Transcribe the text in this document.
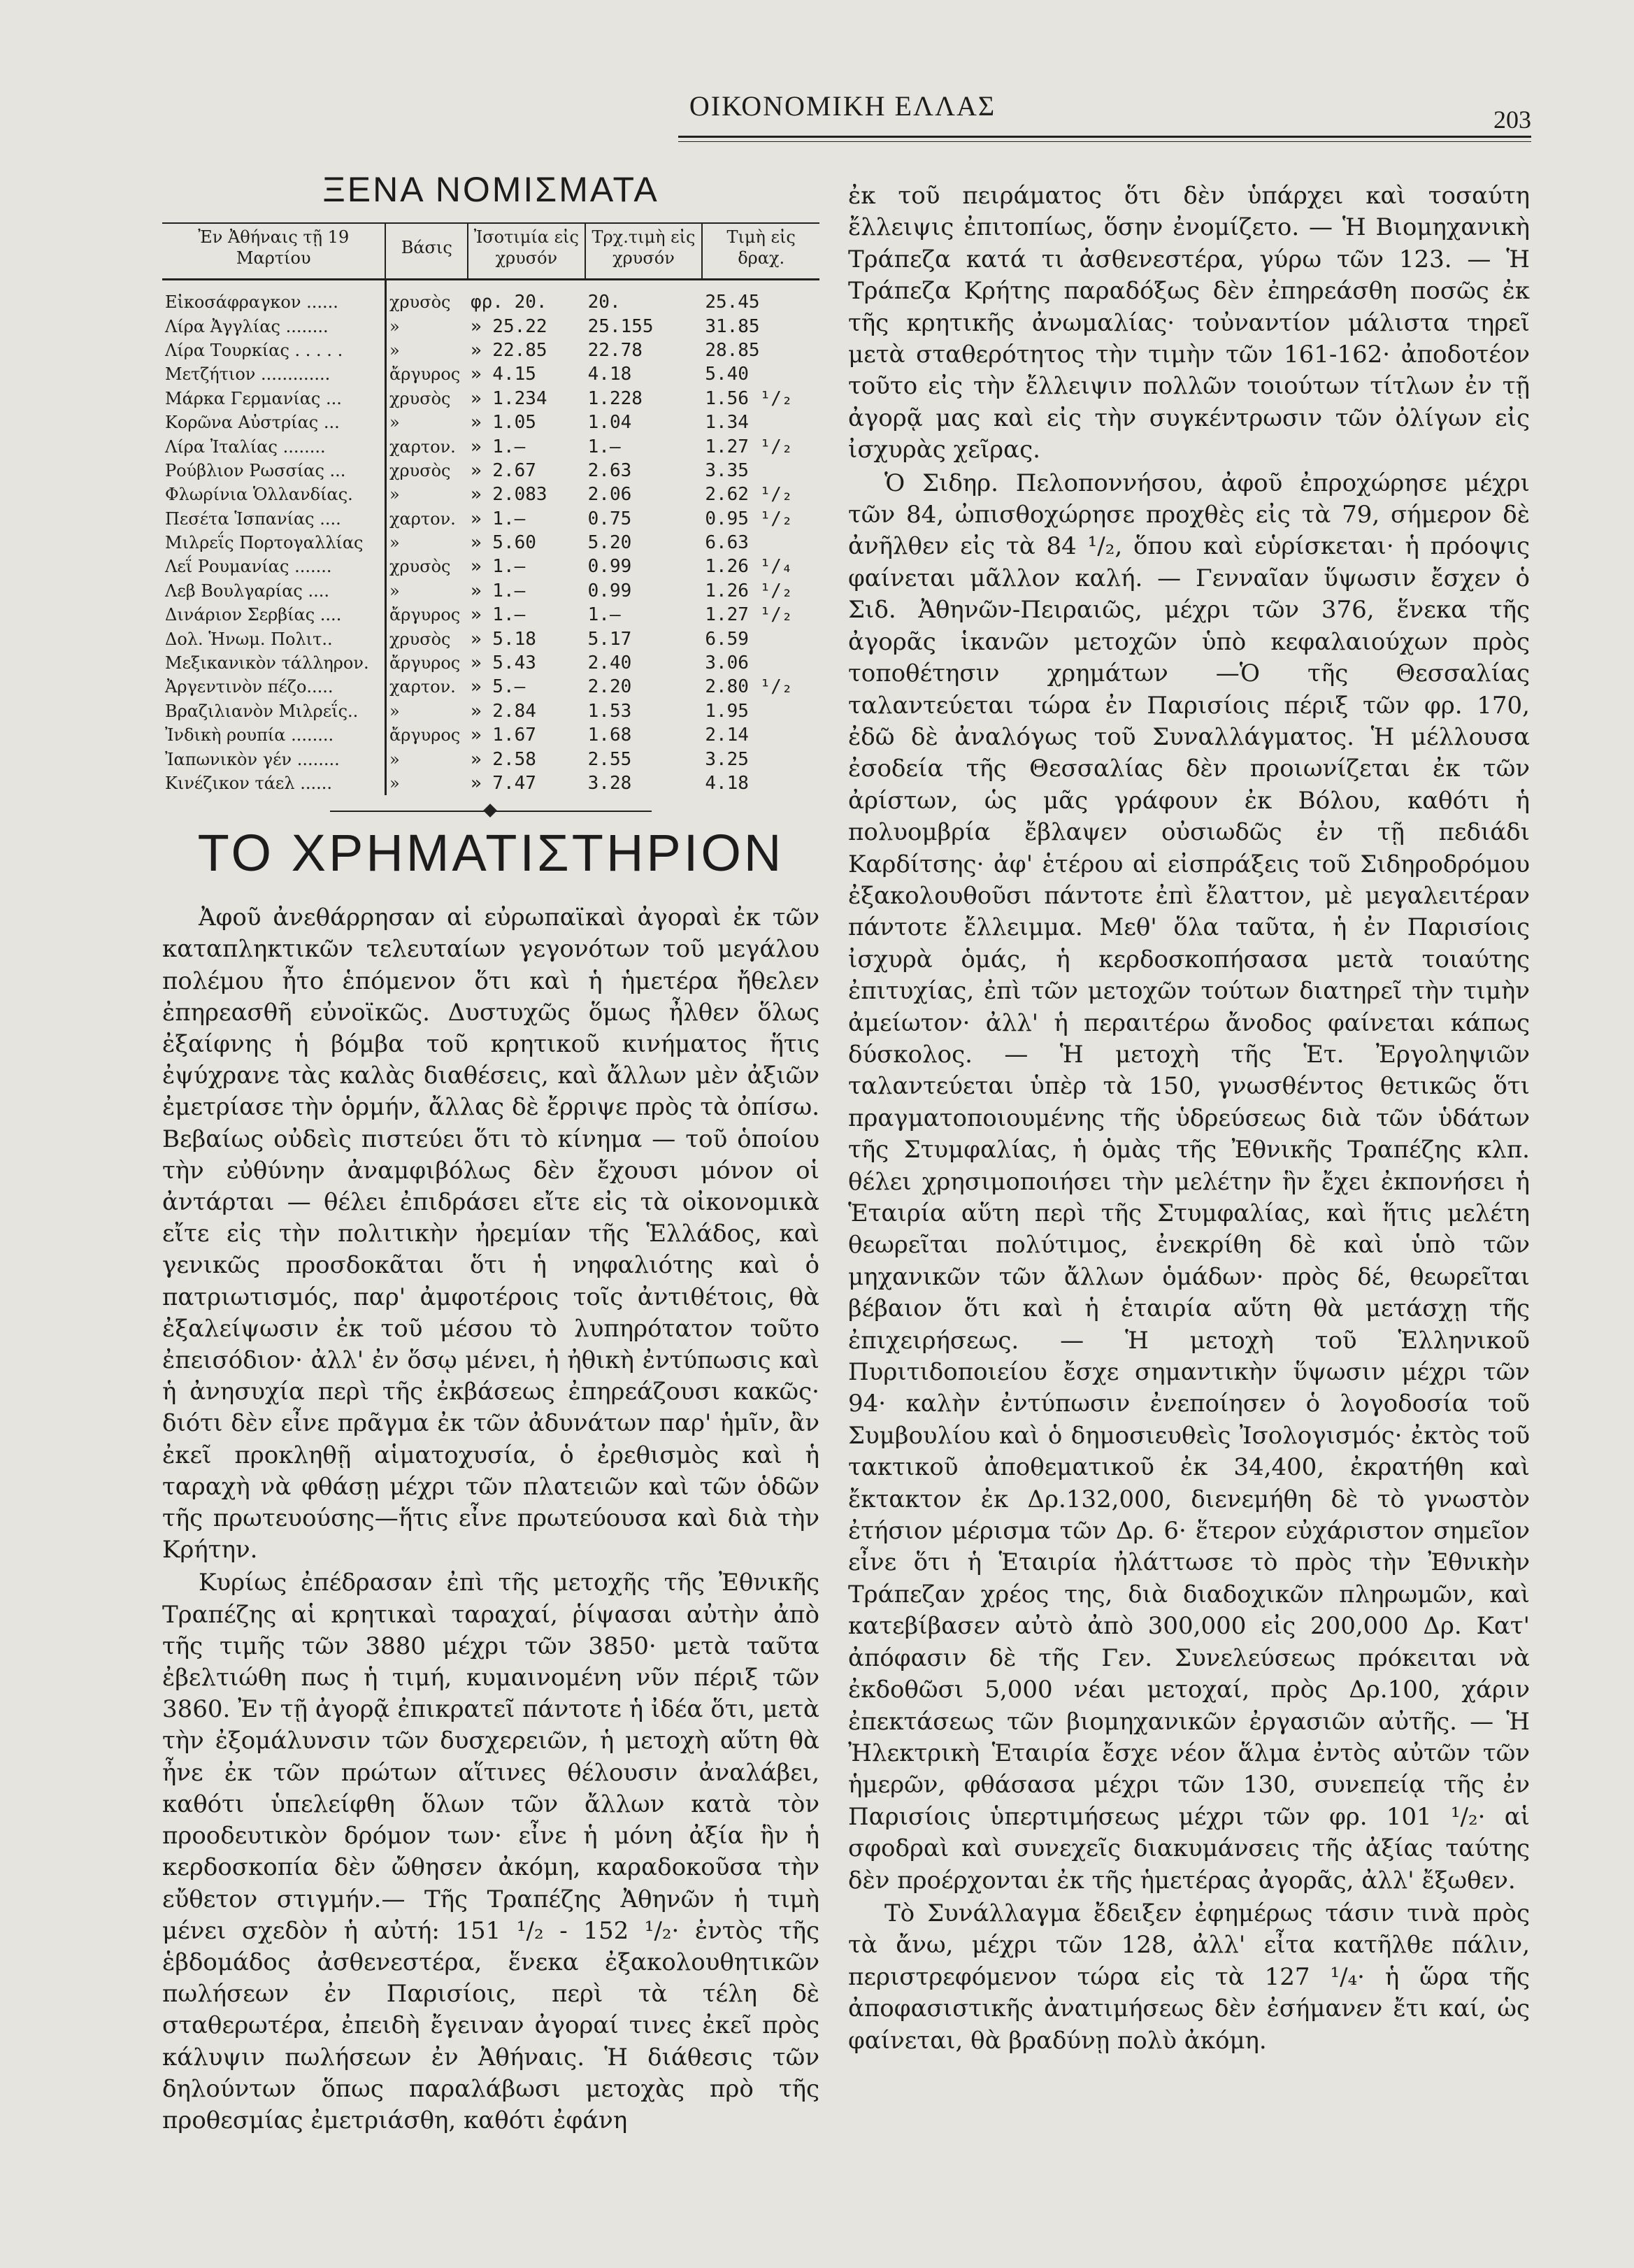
ΟΙΚΟΝΟΜΙΚΗ ΕΛΛΑΣ	203
ΞΕΝΑ ΝΟΜΙΣΜΑΤΑ
Ἐν Ἀθήναις τῇ 19 Μαρτίου	Βάσις	Ἰσοτιμία εἰς χρυσόν	Τρχ.τιμὴ εἰς χρυσόν	Τιμὴ εἰς δραχ.
Εἰκοσάφραγκον ......	χρυσὸς	φρ. 20.	20.	25.45
Λίρα Ἀγγλίας ........	»	» 25.22	25.155	31.85
Λίρα Τουρκίας . . . . .	»	» 22.85	22.78	28.85
Μετζήτιον .............	ἄργυρος	» 4.15	4.18	5.40
Μάρκα Γερμανίας ...	χρυσὸς	» 1.234	1.228	1.56 ¹/₂
Κορῶνα Αὐστρίας ...	»	» 1.05	1.04	1.34
Λίρα Ἰταλίας ........	χαρτον.	» 1.—	1.—	1.27 ¹/₂
Ρούβλιον Ρωσσίας ...	χρυσὸς	» 2.67	2.63	3.35
Φλωρίνια Ὁλλανδίας.	»	» 2.083	2.06	2.62 ¹/₂
Πεσέτα Ἱσπανίας ....	χαρτον.	» 1.—	0.75	0.95 ¹/₂
Μιλρεΐς Πορτογαλλίας	»	» 5.60	5.20	6.63
Λεΐ Ρουμανίας .......	χρυσὸς	» 1.—	0.99	1.26 ¹/₄
Λεβ Βουλγαρίας ....	»	» 1.—	0.99	1.26 ¹/₂
Δινάριον Σερβίας ....	ἄργυρος	» 1.—	1.—	1.27 ¹/₂
Δολ. Ἡνωμ. Πολιτ..	χρυσὸς	» 5.18	5.17	6.59
Μεξικανικὸν τάλληρον.	ἄργυρος	» 5.43	2.40	3.06
Ἀργεντινὸν πέζο.....	χαρτον.	» 5.—	2.20	2.80 ¹/₂
Βραζιλιανὸν Μιλρεΐς..	»	» 2.84	1.53	1.95
Ἰνδικὴ ρουπία ........	ἄργυρος	» 1.67	1.68	2.14
Ἰαπωνικὸν γέν ........	»	» 2.58	2.55	3.25
Κινέζικον τάελ ......	»	» 7.47	3.28	4.18
ΤΟ ΧΡΗΜΑΤΙΣΤΗΡΙΟΝ

Ἀφοῦ ἀνεθάρρησαν αἱ εὐρωπαϊκαὶ ἀγοραὶ ἐκ τῶν καταπληκτικῶν τελευταίων γεγονότων τοῦ μεγάλου πολέμου ἦτο ἑπόμενον ὅτι καὶ ἡ ἡμετέρα ἤθελεν ἐπηρεασθῆ εὐνοϊκῶς. Δυστυχῶς ὅμως ἦλθεν ὅλως ἐξαίφνης ἡ βόμβα τοῦ κρητικοῦ κινήματος ἥτις ἐψύχρανε τὰς καλὰς διαθέσεις, καὶ ἄλλων μὲν ἀξιῶν ἐμετρίασε τὴν ὁρμήν, ἄλλας δὲ ἔρριψε πρὸς τὰ ὀπίσω. Βεβαίως οὐδεὶς πιστεύει ὅτι τὸ κίνημα — τοῦ ὁποίου τὴν εὐθύνην ἀναμφιβόλως δὲν ἔχουσι μόνον οἱ ἀντάρται — θέλει ἐπιδράσει εἴτε εἰς τὰ οἰκονομικὰ εἴτε εἰς τὴν πολιτικὴν ἠρεμίαν τῆς Ἑλλάδος, καὶ γενικῶς προσδοκᾶται ὅτι ἡ νηφαλιότης καὶ ὁ πατριωτισμός, παρ' ἀμφοτέροις τοῖς ἀντιθέτοις, θὰ ἐξαλείψωσιν ἐκ τοῦ μέσου τὸ λυπηρότατον τοῦτο ἐπεισόδιον· ἀλλ' ἐν ὅσῳ μένει, ἡ ἠθικὴ ἐντύπωσις καὶ ἡ ἀνησυχία περὶ τῆς ἐκβάσεως ἐπηρεάζουσι κακῶς· διότι δὲν εἶνε πρᾶγμα ἐκ τῶν ἀδυνάτων παρ' ἡμῖν, ἂν ἐκεῖ προκληθῇ αἱματοχυσία, ὁ ἐρεθισμὸς καὶ ἡ ταραχὴ νὰ φθάσῃ μέχρι τῶν πλατειῶν καὶ τῶν ὁδῶν τῆς πρωτευούσης—ἥτις εἶνε πρωτεύουσα καὶ διὰ τὴν Κρήτην.

Κυρίως ἐπέδρασαν ἐπὶ τῆς μετοχῆς τῆς Ἐθνικῆς Τραπέζης αἱ κρητικαὶ ταραχαί, ῥίψασαι αὐτὴν ἀπὸ τῆς τιμῆς τῶν 3880 μέχρι τῶν 3850· μετὰ ταῦτα ἐβελτιώθη πως ἡ τιμή, κυμαινομένη νῦν πέριξ τῶν 3860. Ἐν τῇ ἀγορᾷ ἐπικρατεῖ πάντοτε ἡ ἰδέα ὅτι, μετὰ τὴν ἐξομάλυνσιν τῶν δυσχερειῶν, ἡ μετοχὴ αὕτη θὰ ἦνε ἐκ τῶν πρώτων αἵτινες θέλουσιν ἀναλάβει, καθότι ὑπελείφθη ὅλων τῶν ἄλλων κατὰ τὸν προοδευτικὸν δρόμον των· εἶνε ἡ μόνη ἀξία ἣν ἡ κερδοσκοπία δὲν ὤθησεν ἀκόμη, καραδοκοῦσα τὴν εὔθετον στιγμήν.— Τῆς Τραπέζης Ἀθηνῶν ἡ τιμὴ μένει σχεδὸν ἡ αὐτή: 151 ¹/₂ - 152 ¹/₂· ἐντὸς τῆς ἑβδομάδος ἀσθενεστέρα, ἕνεκα ἐξακολουθητικῶν πωλήσεων ἐν Παρισίοις, περὶ τὰ τέλη δὲ σταθερωτέρα, ἐπειδὴ ἔγειναν ἀγοραί τινες ἐκεῖ πρὸς κάλυψιν πωλήσεων ἐν Ἀθήναις. Ἡ διάθεσις τῶν δηλούντων ὅπως παραλάβωσι μετοχὰς πρὸ τῆς προθεσμίας ἐμετριάσθη, καθότι ἐφάνη

ἐκ τοῦ πειράματος ὅτι δὲν ὑπάρχει καὶ τοσαύτη ἔλλειψις ἐπιτοπίως, ὅσην ἐνομίζετο. — Ἡ Βιομηχανικὴ Τράπεζα κατά τι ἀσθενεστέρα, γύρω τῶν 123. — Ἡ Τράπεζα Κρήτης παραδόξως δὲν ἐπηρεάσθη ποσῶς ἐκ τῆς κρητικῆς ἀνωμαλίας· τοὐναντίον μάλιστα τηρεῖ μετὰ σταθερότητος τὴν τιμὴν τῶν 161-162· ἀποδοτέον τοῦτο εἰς τὴν ἔλλειψιν πολλῶν τοιούτων τίτλων ἐν τῇ ἀγορᾷ μας καὶ εἰς τὴν συγκέντρωσιν τῶν ὀλίγων εἰς ἰσχυρὰς χεῖρας.

Ὁ Σιδηρ. Πελοποννήσου, ἀφοῦ ἐπροχώρησε μέχρι τῶν 84, ὠπισθοχώρησε προχθὲς εἰς τὰ 79, σήμερον δὲ ἀνῆλθεν εἰς τὰ 84 ¹/₂, ὅπου καὶ εὑρίσκεται· ἡ πρόοψις φαίνεται μᾶλλον καλή. — Γενναῖαν ὕψωσιν ἔσχεν ὁ Σιδ. Ἀθηνῶν-Πειραιῶς, μέχρι τῶν 376, ἕνεκα τῆς ἀγορᾶς ἱκανῶν μετοχῶν ὑπὸ κεφαλαιούχων πρὸς τοποθέτησιν χρημάτων —Ὁ τῆς Θεσσαλίας ταλαντεύεται τώρα ἐν Παρισίοις πέριξ τῶν φρ. 170, ἐδῶ δὲ ἀναλόγως τοῦ Συναλλάγματος. Ἡ μέλλουσα ἐσοδεία τῆς Θεσσαλίας δὲν προιωνίζεται ἐκ τῶν ἀρίστων, ὡς μᾶς γράφουν ἐκ Βόλου, καθότι ἡ πολυομβρία ἔβλαψεν οὐσιωδῶς ἐν τῇ πεδιάδι Καρδίτσης· ἀφ' ἑτέρου αἱ εἰσπράξεις τοῦ Σιδηροδρόμου ἐξακολουθοῦσι πάντοτε ἐπὶ ἔλαττον, μὲ μεγαλειτέραν πάντοτε ἔλλειμμα. Μεθ' ὅλα ταῦτα, ἡ ἐν Παρισίοις ἰσχυρὰ ὁμάς, ἡ κερδοσκοπήσασα μετὰ τοιαύτης ἐπιτυχίας, ἐπὶ τῶν μετοχῶν τούτων διατηρεῖ τὴν τιμὴν ἀμείωτον· ἀλλ' ἡ περαιτέρω ἄνοδος φαίνεται κάπως δύσκολος. — Ἡ μετοχὴ τῆς Ἑτ. Ἐργοληψιῶν ταλαντεύεται ὑπὲρ τὰ 150, γνωσθέντος θετικῶς ὅτι πραγματοποιουμένης τῆς ὑδρεύσεως διὰ τῶν ὑδάτων τῆς Στυμφαλίας, ἡ ὁμὰς τῆς Ἐθνικῆς Τραπέζης κλπ. θέλει χρησιμοποιήσει τὴν μελέτην ἣν ἔχει ἐκπονήσει ἡ Ἑταιρία αὕτη περὶ τῆς Στυμφαλίας, καὶ ἥτις μελέτη θεωρεῖται πολύτιμος, ἐνεκρίθη δὲ καὶ ὑπὸ τῶν μηχανικῶν τῶν ἄλλων ὁμάδων· πρὸς δέ, θεωρεῖται βέβαιον ὅτι καὶ ἡ ἑταιρία αὕτη θὰ μετάσχῃ τῆς ἐπιχειρήσεως. — Ἡ μετοχὴ τοῦ Ἑλληνικοῦ Πυριτιδοποιείου ἔσχε σημαντικὴν ὕψωσιν μέχρι τῶν 94· καλὴν ἐντύπωσιν ἐνεποίησεν ὁ λογοδοσία τοῦ Συμβουλίου καὶ ὁ δημοσιευθεὶς Ἰσολογισμός· ἐκτὸς τοῦ τακτικοῦ ἀποθεματικοῦ ἐκ 34,400, ἐκρατήθη καὶ ἔκτακτον ἐκ Δρ.132,000, διενεμήθη δὲ τὸ γνωστὸν ἐτήσιον μέρισμα τῶν Δρ. 6· ἕτερον εὐχάριστον σημεῖον εἶνε ὅτι ἡ Ἑταιρία ἠλάττωσε τὸ πρὸς τὴν Ἐθνικὴν Τράπεζαν χρέος της, διὰ διαδοχικῶν πληρωμῶν, καὶ κατεβίβασεν αὐτὸ ἀπὸ 300,000 εἰς 200,000 Δρ. Κατ' ἀπόφασιν δὲ τῆς Γεν. Συνελεύσεως πρόκειται νὰ ἐκδοθῶσι 5,000 νέαι μετοχαί, πρὸς Δρ.100, χάριν ἐπεκτάσεως τῶν βιομηχανικῶν ἐργασιῶν αὐτῆς. — Ἡ Ἠλεκτρικὴ Ἑταιρία ἔσχε νέον ἅλμα ἐντὸς αὐτῶν τῶν ἡμερῶν, φθάσασα μέχρι τῶν 130, συνεπείᾳ τῆς ἐν Παρισίοις ὑπερτιμήσεως μέχρι τῶν φρ. 101 ¹/₂· αἱ σφοδραὶ καὶ συνεχεῖς διακυμάνσεις τῆς ἀξίας ταύτης δὲν προέρχονται ἐκ τῆς ἡμετέρας ἀγορᾶς, ἀλλ' ἔξωθεν.

Τὸ Συνάλλαγμα ἔδειξεν ἐφημέρως τάσιν τινὰ πρὸς τὰ ἄνω, μέχρι τῶν 128, ἀλλ' εἶτα κατῆλθε πάλιν, περιστρεφόμενον τώρα εἰς τὰ 127 ¹/₄· ἡ ὥρα τῆς ἀποφασιστικῆς ἀνατιμήσεως δὲν ἐσήμανεν ἔτι καί, ὡς φαίνεται, θὰ βραδύνῃ πολὺ ἀκόμη.
